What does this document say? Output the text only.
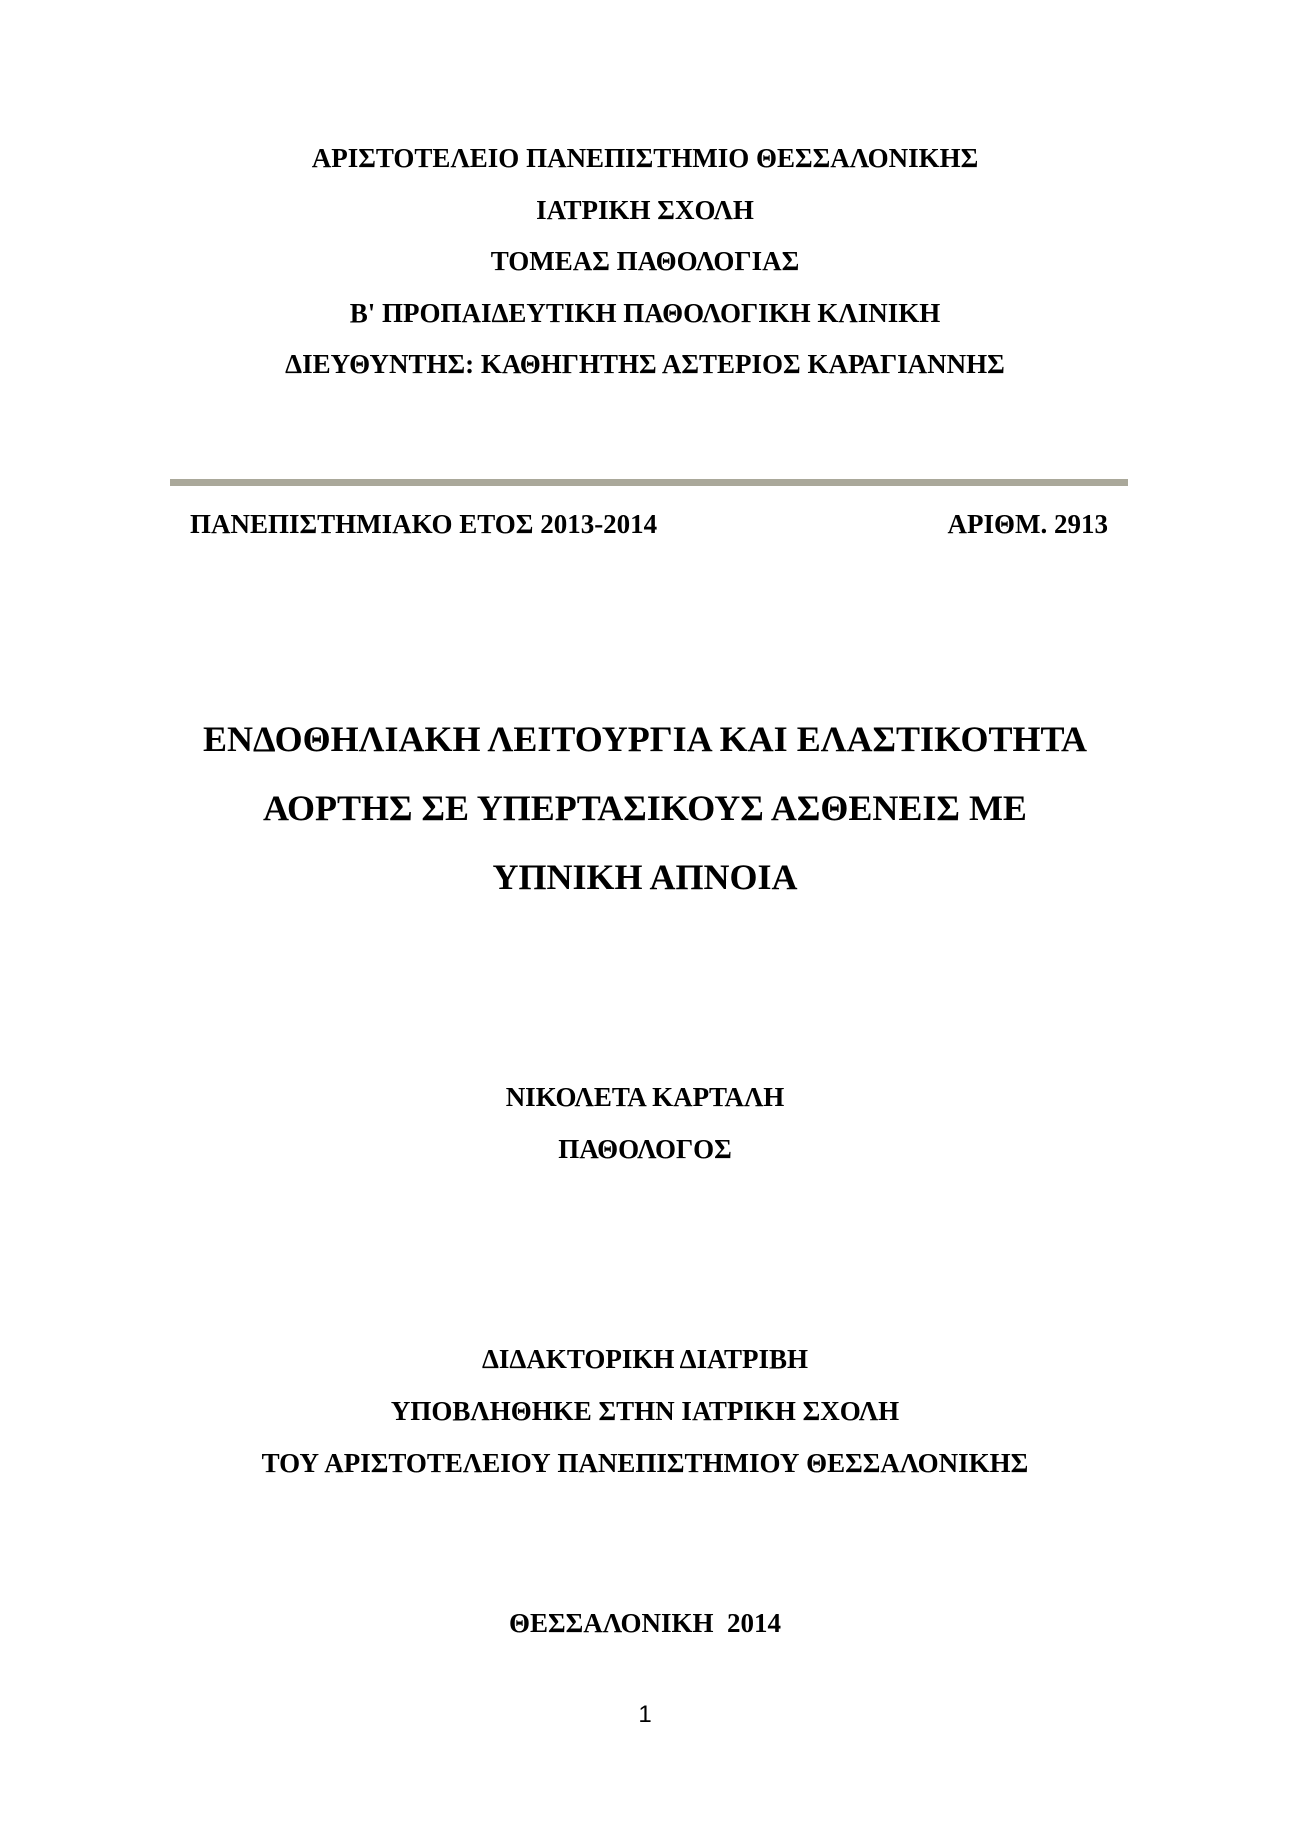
ΑΡΙΣΤΟΤΕΛΕΙΟ ΠΑΝΕΠΙΣΤΗΜΙΟ ΘΕΣΣΑΛΟΝΙΚΗΣ
ΙΑΤΡΙΚΗ ΣΧΟΛΗ
ΤΟΜΕΑΣ ΠΑΘΟΛΟΓΙΑΣ
Β' ΠΡΟΠΑΙΔΕΥΤΙΚΗ ΠΑΘΟΛΟΓΙΚΗ ΚΛΙΝΙΚΗ
ΔΙΕΥΘΥΝΤΗΣ: ΚΑΘΗΓΗΤΗΣ ΑΣΤΕΡΙΟΣ ΚΑΡΑΓΙΑΝΝΗΣ
ΠΑΝΕΠΙΣΤΗΜΙΑΚΟ ΕΤΟΣ 2013-2014	ΑΡΙΘΜ. 2913
ΕΝΔΟΘΗΛΙΑΚΗ ΛΕΙΤΟΥΡΓΙΑ ΚΑΙ ΕΛΑΣΤΙΚΟΤΗΤΑ
ΑΟΡΤΗΣ ΣΕ ΥΠΕΡΤΑΣΙΚΟΥΣ ΑΣΘΕΝΕΙΣ ΜΕ
ΥΠΝΙΚΗ ΑΠΝΟΙΑ
ΝΙΚΟΛΕΤΑ ΚΑΡΤΑΛΗ
ΠΑΘΟΛΟΓΟΣ
ΔΙΔΑΚΤΟΡΙΚΗ ΔΙΑΤΡΙΒΗ
ΥΠΟΒΛΗΘΗΚΕ ΣΤΗΝ ΙΑΤΡΙΚΗ ΣΧΟΛΗ
ΤΟΥ ΑΡΙΣΤΟΤΕΛΕΙΟΥ ΠΑΝΕΠΙΣΤΗΜΙΟΥ ΘΕΣΣΑΛΟΝΙΚΗΣ
ΘΕΣΣΑΛΟΝΙΚΗ  2014
1
